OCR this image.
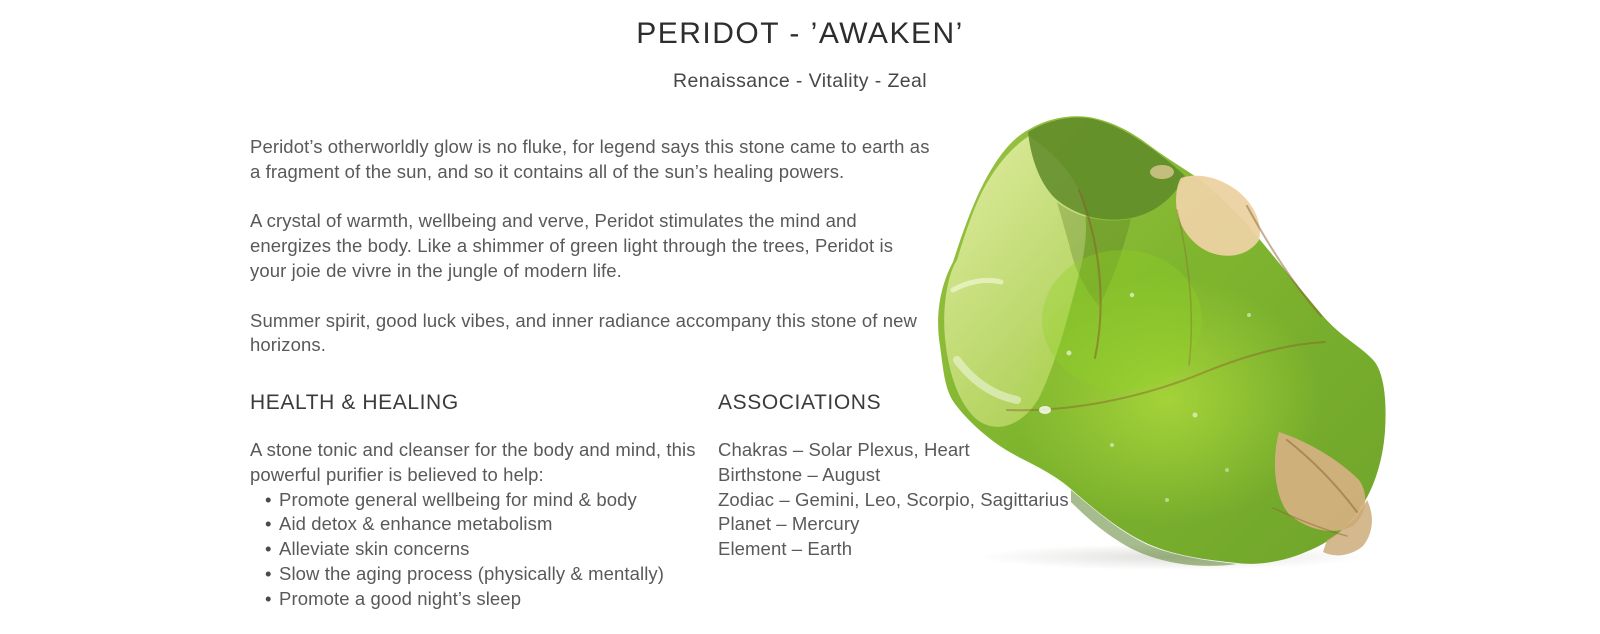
PERIDOT - ’AWAKEN’
Renaissance - Vitality - Zeal

Peridot’s otherworldly glow is no fluke, for legend says this stone came to earth as a fragment of the sun, and so it contains all of the sun’s healing powers.

A crystal of warmth, wellbeing and verve, Peridot stimulates the mind and energizes the body. Like a shimmer of green light through the trees, Peridot is your joie de vivre in the jungle of modern life.

Summer spirit, good luck vibes, and inner radiance accompany this stone of new horizons.

HEALTH & HEALING

A stone tonic and cleanser for the body and mind, this powerful purifier is believed to help:

• Promote general wellbeing for mind & body
• Aid detox & enhance metabolism
• Alleviate skin concerns
• Slow the aging process (physically & mentally)
• Promote a good night’s sleep
ASSOCIATIONS
Chakras – Solar Plexus, Heart
Birthstone – August
Zodiac – Gemini, Leo, Scorpio, Sagittarius
Planet – Mercury
Element – Earth
